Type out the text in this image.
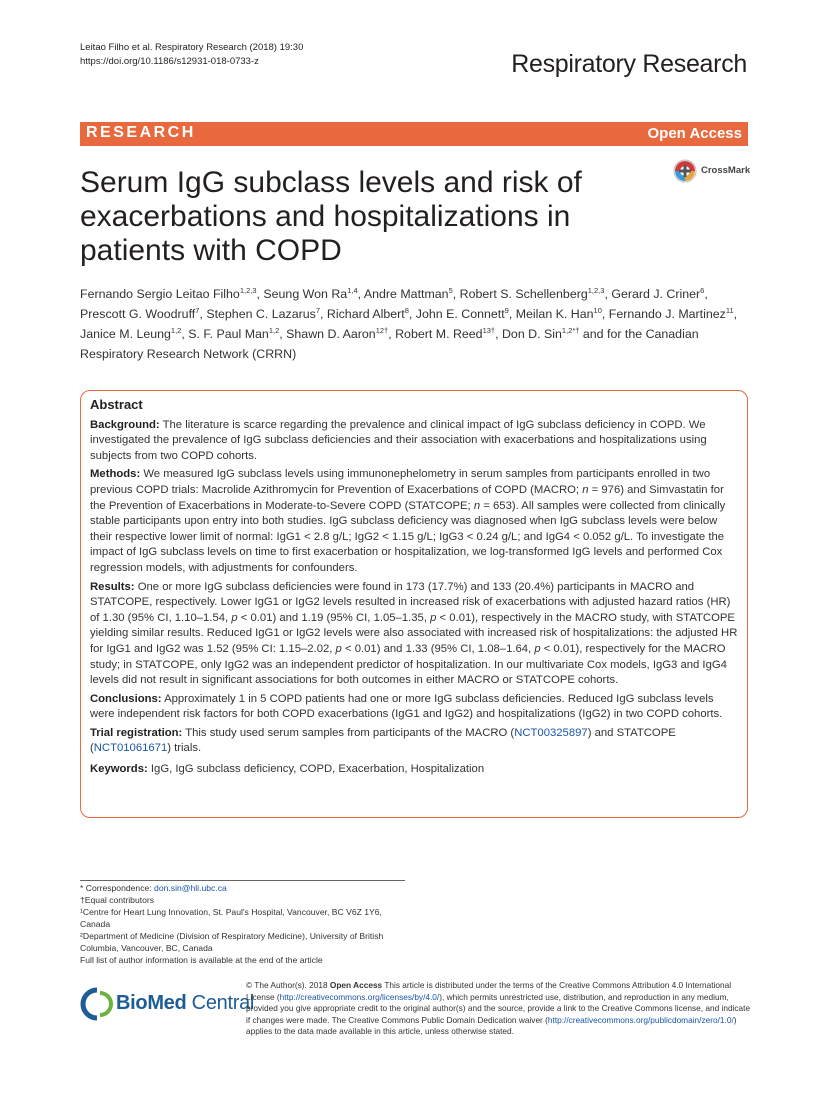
Leitao Filho et al. Respiratory Research (2018) 19:30
https://doi.org/10.1186/s12931-018-0733-z	Respiratory Research
RESEARCH	Open Access
CrossMark
Serum IgG subclass levels and risk of exacerbations and hospitalizations in patients with COPD
Fernando Sergio Leitao Filho$^{1,2,3}$, Seung Won Ra$^{1,4}$, Andre Mattman$^5$, Robert S. Schellenberg$^{1,2,3}$, Gerard J. Criner$^6$, Prescott G. Woodruff$^7$, Stephen C. Lazarus$^7$, Richard Albert$^8$, John E. Connett$^9$, Meilan K. Han$^{10}$, Fernando J. Martinez$^{11}$, Janice M. Leung$^{1,2}$, S. F. Paul Man$^{1,2}$, Shawn D. Aaron$^{12\dagger}$, Robert M. Reed$^{13\dagger}$, Don D. Sin$^{1,2*\dagger}$ and for the Canadian Respiratory Research Network (CRRN)
Abstract

Background: The literature is scarce regarding the prevalence and clinical impact of IgG subclass deficiency in COPD. We investigated the prevalence of IgG subclass deficiencies and their association with exacerbations and hospitalizations using subjects from two COPD cohorts.

Methods: We measured IgG subclass levels using immunonephelometry in serum samples from participants enrolled in two previous COPD trials: Macrolide Azithromycin for Prevention of Exacerbations of COPD (MACRO; n = 976) and Simvastatin for the Prevention of Exacerbations in Moderate-to-Severe COPD (STATCOPE; n = 653). All samples were collected from clinically stable participants upon entry into both studies. IgG subclass deficiency was diagnosed when IgG subclass levels were below their respective lower limit of normal: IgG1 < 2.8 g/L; IgG2 < 1.15 g/L; IgG3 < 0.24 g/L; and IgG4 < 0.052 g/L. To investigate the impact of IgG subclass levels on time to first exacerbation or hospitalization, we log-transformed IgG levels and performed Cox regression models, with adjustments for confounders.

Results: One or more IgG subclass deficiencies were found in 173 (17.7%) and 133 (20.4%) participants in MACRO and STATCOPE, respectively. Lower IgG1 or IgG2 levels resulted in increased risk of exacerbations with adjusted hazard ratios (HR) of 1.30 (95% CI, 1.10–1.54, p < 0.01) and 1.19 (95% CI, 1.05–1.35, p < 0.01), respectively in the MACRO study, with STATCOPE yielding similar results. Reduced IgG1 or IgG2 levels were also associated with increased risk of hospitalizations: the adjusted HR for IgG1 and IgG2 was 1.52 (95% CI: 1.15–2.02, p < 0.01) and 1.33 (95% CI, 1.08–1.64, p < 0.01), respectively for the MACRO study; in STATCOPE, only IgG2 was an independent predictor of hospitalization. In our multivariate Cox models, IgG3 and IgG4 levels did not result in significant associations for both outcomes in either MACRO or STATCOPE cohorts.

Conclusions: Approximately 1 in 5 COPD patients had one or more IgG subclass deficiencies. Reduced IgG subclass levels were independent risk factors for both COPD exacerbations (IgG1 and IgG2) and hospitalizations (IgG2) in two COPD cohorts.

Trial registration: This study used serum samples from participants of the MACRO (NCT00325897) and STATCOPE (NCT01061671) trials.

Keywords: IgG, IgG subclass deficiency, COPD, Exacerbation, Hospitalization

* Correspondence: don.sin@hli.ubc.ca
†Equal contributors
¹Centre for Heart Lung Innovation, St. Paul's Hospital, Vancouver, BC V6Z 1Y6, Canada
²Department of Medicine (Division of Respiratory Medicine), University of British Columbia, Vancouver, BC, Canada
Full list of author information is available at the end of the article
BioMed Central
© The Author(s). 2018 Open Access This article is distributed under the terms of the Creative Commons Attribution 4.0 International License (http://creativecommons.org/licenses/by/4.0/), which permits unrestricted use, distribution, and reproduction in any medium, provided you give appropriate credit to the original author(s) and the source, provide a link to the Creative Commons license, and indicate if changes were made. The Creative Commons Public Domain Dedication waiver (http://creativecommons.org/publicdomain/zero/1.0/) applies to the data made available in this article, unless otherwise stated.
